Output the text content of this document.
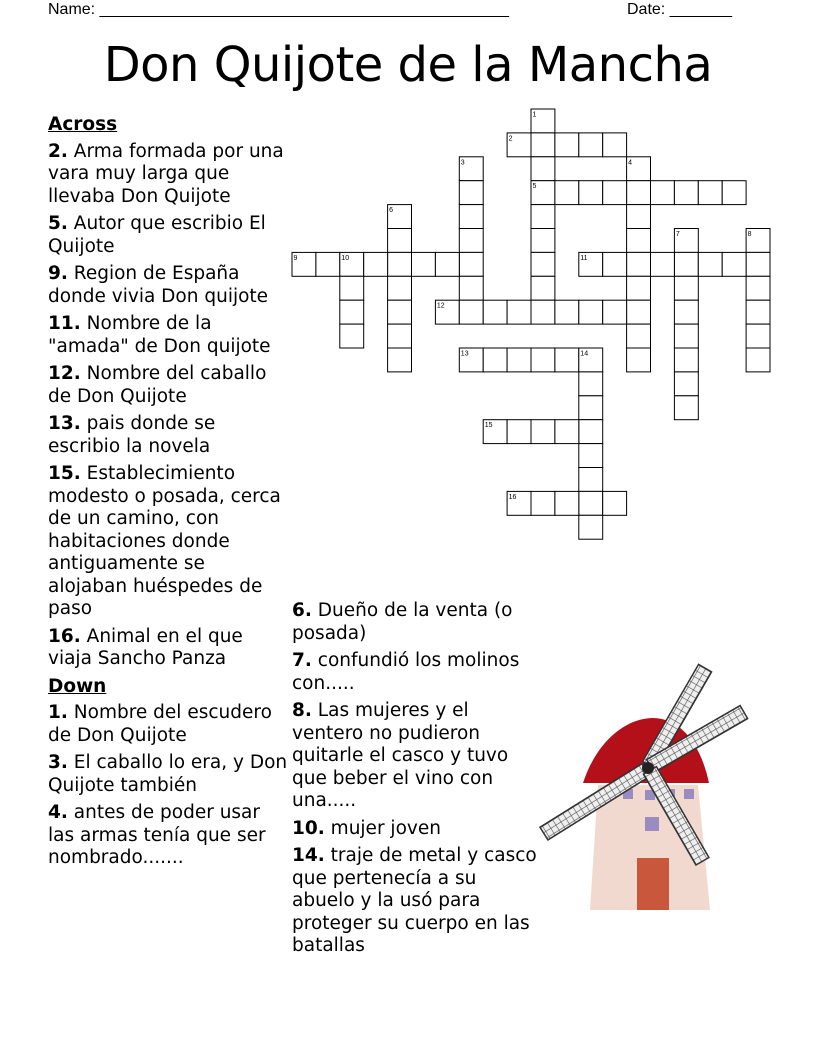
Name: ______________________________________________	Date: _______
Don Quijote de la Mancha
1
2
3	4
5
6
7	8
9	10	11
12
13	14
15
16
Across
2. Arma formada por una vara muy larga que llevaba Don Quijote
5. Autor que escribio El Quijote
9. Region de España donde vivia Don quijote
11. Nombre de la "amada" de Don quijote
12. Nombre del caballo de Don Quijote
13. pais donde se escribio la novela
15. Establecimiento modesto o posada, cerca de un camino, con habitaciones donde antiguamente se alojaban huéspedes de paso
16. Animal en el que viaja Sancho Panza
Down
1. Nombre del escudero de Don Quijote
3. El caballo lo era, y Don Quijote también
4. antes de poder usar las armas tenía que ser nombrado.......
6. Dueño de la venta (o posada)
7. confundió los molinos con.....
8. Las mujeres y el ventero no pudieron quitarle el casco y tuvo que beber el vino con una.....
10. mujer joven
14. traje de metal y casco que pertenecía a su abuelo y la usó para proteger su cuerpo en las batallas
